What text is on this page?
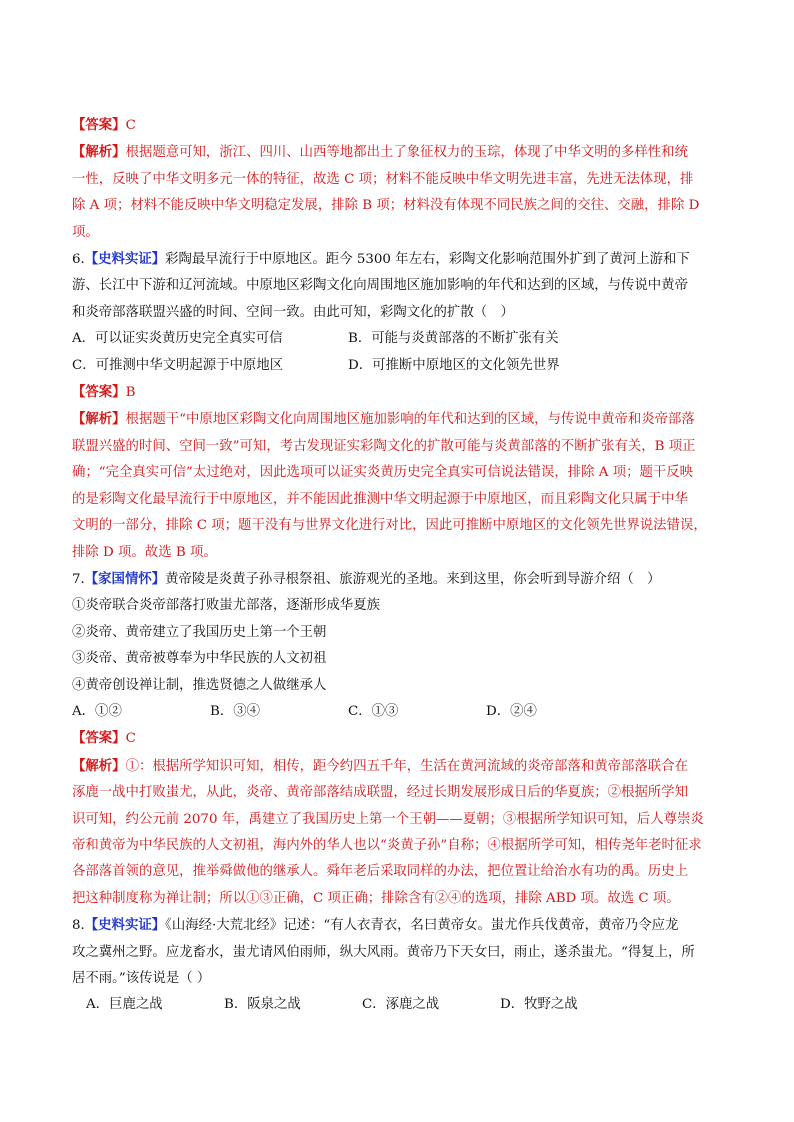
【答案】C
【解析】根据题意可知，浙江、四川、山西等地都出土了象征权力的玉琮，体现了中华文明的多样性和统
一性，反映了中华文明多元一体的特征，故选 C 项；材料不能反映中华文明先进丰富，先进无法体现，排
除 A 项；材料不能反映中华文明稳定发展，排除 B 项；材料没有体现不同民族之间的交往、交融，排除 D
项。
6.【史料实证】彩陶最早流行于中原地区。距今 5300 年左右，彩陶文化影响范围外扩到了黄河上游和下
游、长江中下游和辽河流域。中原地区彩陶文化向周围地区施加影响的年代和达到的区域，与传说中黄帝
和炎帝部落联盟兴盛的时间、空间一致。由此可知，彩陶文化的扩散（　）
A．可以证实炎黄历史完全真实可信	B．可能与炎黄部落的不断扩张有关
C．可推测中华文明起源于中原地区	D．可推断中原地区的文化领先世界
【答案】B
【解析】根据题干“中原地区彩陶文化向周围地区施加影响的年代和达到的区域，与传说中黄帝和炎帝部落
联盟兴盛的时间、空间一致”可知，考古发现证实彩陶文化的扩散可能与炎黄部落的不断扩张有关，B 项正
确；“完全真实可信”太过绝对，因此选项可以证实炎黄历史完全真实可信说法错误，排除 A 项；题干反映
的是彩陶文化最早流行于中原地区，并不能因此推测中华文明起源于中原地区，而且彩陶文化只属于中华
文明的一部分，排除 C 项；题干没有与世界文化进行对比，因此可推断中原地区的文化领先世界说法错误，
排除 D 项。故选 B 项。
7.【家国情怀】黄帝陵是炎黄子孙寻根祭祖、旅游观光的圣地。来到这里，你会听到导游介绍（　）
①炎帝联合炎帝部落打败蚩尤部落，逐渐形成华夏族
②炎帝、黄帝建立了我国历史上第一个王朝
③炎帝、黄帝被尊奉为中华民族的人文初祖
④黄帝创设禅让制，推选贤德之人做继承人
A．①②	B．③④	C．①③	D．②④
【答案】C
【解析】①：根据所学知识可知，相传，距今约四五千年，生活在黄河流域的炎帝部落和黄帝部落联合在
涿鹿一战中打败蚩尤，从此，炎帝、黄帝部落结成联盟，经过长期发展形成日后的华夏族；②根据所学知
识可知，约公元前 2070 年，禹建立了我国历史上第一个王朝——夏朝；③根据所学知识可知，后人尊崇炎
帝和黄帝为中华民族的人文初祖，海内外的华人也以“炎黄子孙”自称；④根据所学可知，相传尧年老时征求
各部落首领的意见，推举舜做他的继承人。舜年老后采取同样的办法，把位置让给治水有功的禹。历史上
把这种制度称为禅让制；所以①③正确，C 项正确；排除含有②④的选项，排除 ABD 项。故选 C 项。
8.【史料实证】《山海经·大荒北经》记述：“有人衣青衣，名曰黄帝女。蚩尤作兵伐黄帝，黄帝乃令应龙
攻之冀州之野。应龙畜水，蚩尤请风伯雨师，纵大风雨。黄帝乃下天女曰，雨止，遂杀蚩尤。“得复上，所
居不雨。”该传说是（ ）
A．巨鹿之战	B．阪泉之战	C．涿鹿之战	D．牧野之战
